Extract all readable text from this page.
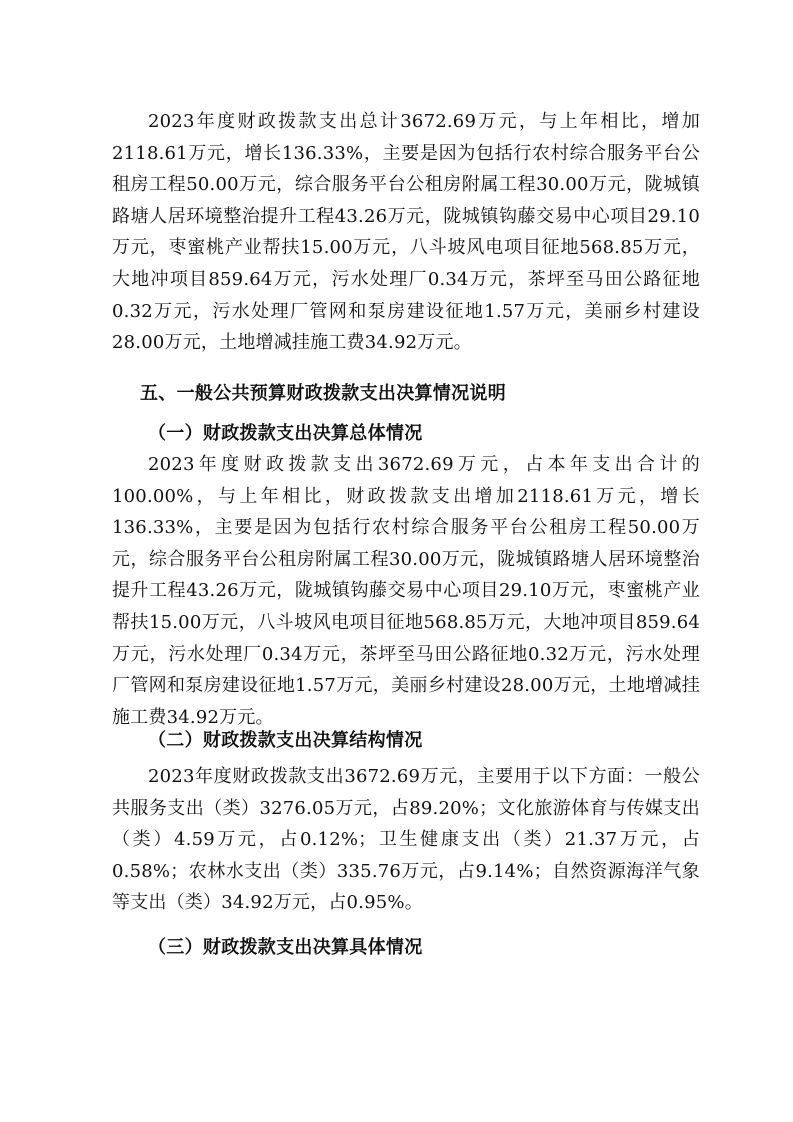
2023年度财政拨款支出总计3672.69万元，与上年相比，增加2118.61万元，增长136.33%，主要是因为包括行农村综合服务平台公租房工程50.00万元，综合服务平台公租房附属工程30.00万元，陇城镇路塘人居环境整治提升工程43.26万元，陇城镇钩藤交易中心项目29.10万元，枣蜜桃产业帮扶15.00万元，八斗坡风电项目征地568.85万元，大地冲项目859.64万元，污水处理厂0.34万元，茶坪至马田公路征地0.32万元，污水处理厂管网和泵房建设征地1.57万元，美丽乡村建设28.00万元，土地增减挂施工费34.92万元。

五、一般公共预算财政拨款支出决算情况说明
（一）财政拨款支出决算总体情况

2023年度财政拨款支出3672.69万元，占本年支出合计的100.00%，与上年相比，财政拨款支出增加2118.61万元，增长136.33%，主要是因为包括行农村综合服务平台公租房工程50.00万元，综合服务平台公租房附属工程30.00万元，陇城镇路塘人居环境整治提升工程43.26万元，陇城镇钩藤交易中心项目29.10万元，枣蜜桃产业帮扶15.00万元，八斗坡风电项目征地568.85万元，大地冲项目859.64万元，污水处理厂0.34万元，茶坪至马田公路征地0.32万元，污水处理厂管网和泵房建设征地1.57万元，美丽乡村建设28.00万元，土地增减挂施工费34.92万元。

（二）财政拨款支出决算结构情况

2023年度财政拨款支出3672.69万元，主要用于以下方面：一般公共服务支出（类）3276.05万元，占89.20%；文化旅游体育与传媒支出（类）4.59万元，占0.12%；卫生健康支出（类）21.37万元，占0.58%；农林水支出（类）335.76万元，占9.14%；自然资源海洋气象等支出（类）34.92万元，占0.95%。

（三）财政拨款支出决算具体情况
